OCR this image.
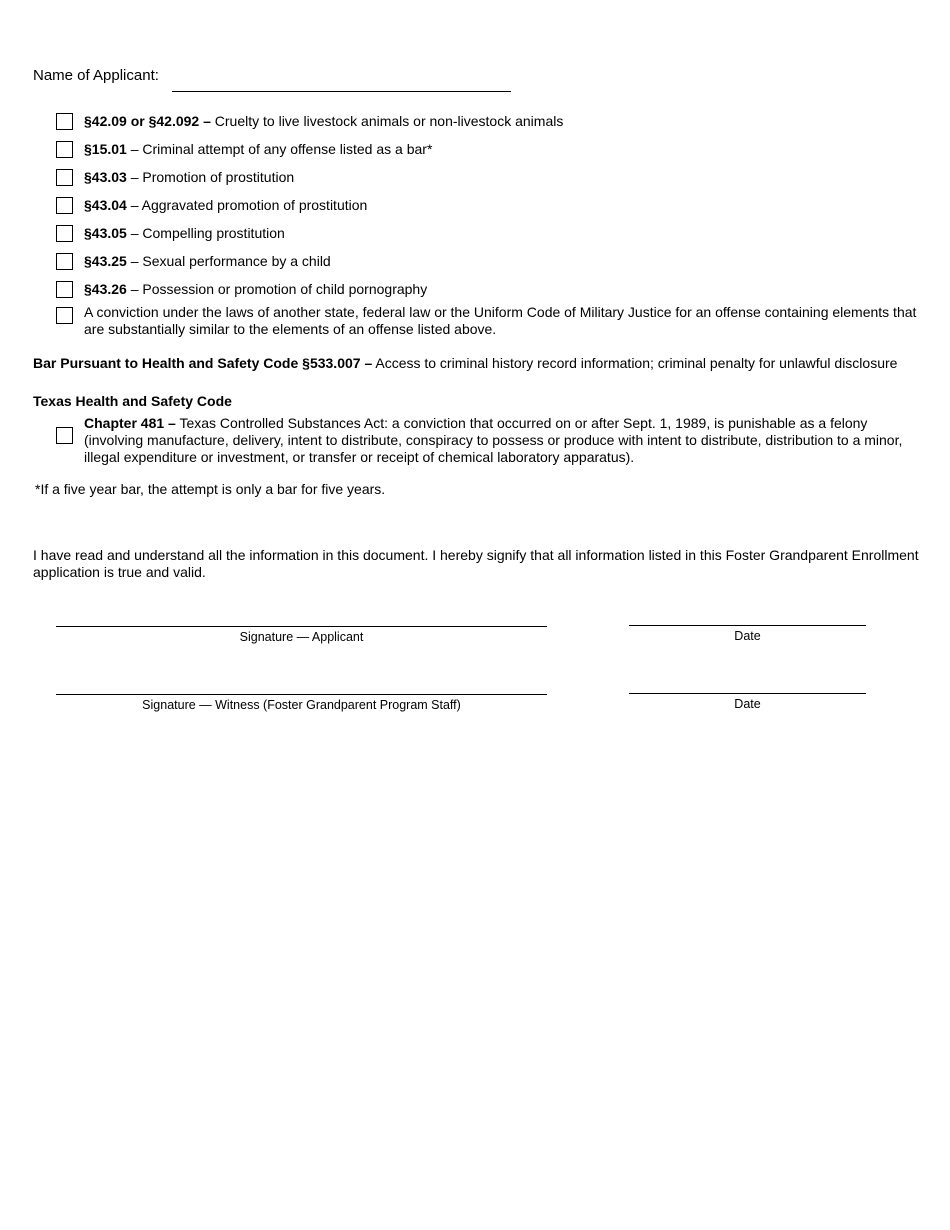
Name of Applicant:
§42.09 or §42.092 – Cruelty to live livestock animals or non-livestock animals
§15.01 – Criminal attempt of any offense listed as a bar*
§43.03 – Promotion of prostitution
§43.04 – Aggravated promotion of prostitution
§43.05 – Compelling prostitution
§43.25 – Sexual performance by a child
§43.26 – Possession or promotion of child pornography
A conviction under the laws of another state, federal law or the Uniform Code of Military Justice for an offense containing elements that are substantially similar to the elements of an offense listed above.
Bar Pursuant to Health and Safety Code §533.007 – Access to criminal history record information; criminal penalty for unlawful disclosure
Texas Health and Safety Code
Chapter 481 – Texas Controlled Substances Act: a conviction that occurred on or after Sept. 1, 1989, is punishable as a felony (involving manufacture, delivery, intent to distribute, conspiracy to possess or produce with intent to distribute, distribution to a minor, illegal expenditure or investment, or transfer or receipt of chemical laboratory apparatus).
*If a five year bar, the attempt is only a bar for five years.
I have read and understand all the information in this document. I hereby signify that all information listed in this Foster Grandparent Enrollment application is true and valid.
Signature — Applicant	Date
Signature — Witness (Foster Grandparent Program Staff)	Date
